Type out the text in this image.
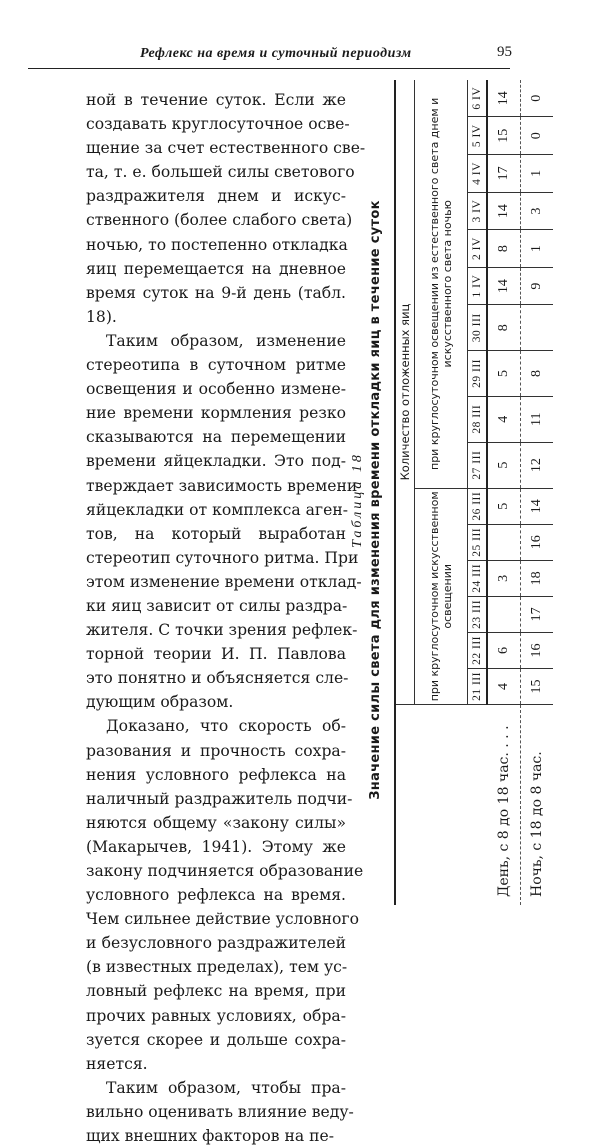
Рефлекс на время и суточный периодизм	95
ной в течение суток. Если же
создавать круглосуточное осве-
щение за счет естественного све-
та, т. е. большей силы светового
раздражителя днем и искус-
ственного (более слабого света)
ночью, то постепенно откладка
яиц перемещается на дневное
время суток на 9-й день (табл.
18).
Таким образом, изменение
стереотипа в суточном ритме
освещения и особенно измене-
ние времени кормления резко
сказываются на перемещении
времени яйцекладки. Это под-
тверждает зависимость времени
яйцекладки от комплекса аген-
тов, на который выработан
стереотип суточного ритма. При
этом изменение времени отклад-
ки яиц зависит от силы раздра-
жителя. С точки зрения рефлек-
торной теории И. П. Павлова
это понятно и объясняется сле-
дующим образом.
Доказано, что скорость об-
разования и прочность сохра-
нения условного рефлекса на
наличный раздражитель подчи-
няются общему «закону силы»
(Макарычев, 1941). Этому же
закону подчиняется образование
условного рефлекса на время.
Чем сильнее действие условного
и безусловного раздражителей
(в известных пределах), тем ус-
ловный рефлекс на время, при
прочих равных условиях, обра-
зуется скорее и дольше сохра-
няется.
Таким образом, чтобы пра-
вильно оценивать влияние веду-
щих внешних факторов на пе-
Таблица 18 Значение силы света для изменения времени откладки яиц в течение суток
	Количество отложенных яиц															
	при круглосуточном искусственном освещении						при круглосуточном освещении из естественного света днем и искусственного света ночью									
	21 III	22 III	23 III	24 III	25 III	26 III	27 III	28 III	29 III	30 III	1 IV	2 IV	3 IV	4 IV	5 IV	6 IV
День, с 8 до 18 час. . . .	4	6		3		5	5	4	5	8	14	8	14	17	15	14
Ночь, с 18 до 8 час.	15	16	17	18	16	14	12	11	8		9	1	3	1	0	0
